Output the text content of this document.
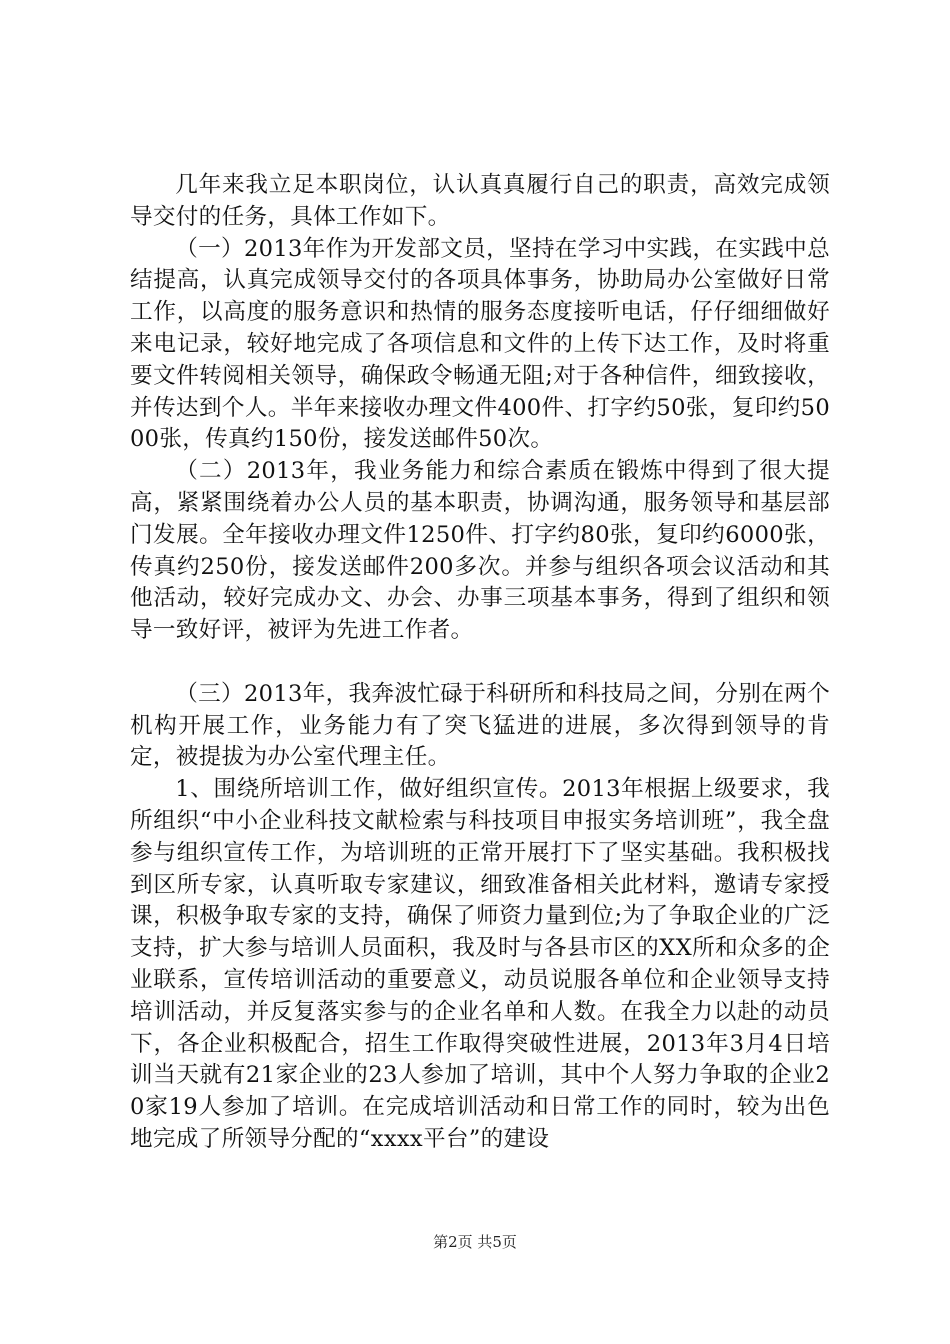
几年来我立足本职岗位，认认真真履行自己的职责，高效完成领导交付的任务，具体工作如下。

（一）2013年作为开发部文员，坚持在学习中实践，在实践中总结提高，认真完成领导交付的各项具体事务，协助局办公室做好日常工作，以高度的服务意识和热情的服务态度接听电话，仔仔细细做好来电记录，较好地完成了各项信息和文件的上传下达工作，及时将重要文件转阅相关领导，确保政令畅通无阻;对于各种信件，细致接收，并传达到个人。半年来接收办理文件400件、打字约50张，复印约5000张，传真约150份，接发送邮件50次。

（二）2013年，我业务能力和综合素质在锻炼中得到了很大提高，紧紧围绕着办公人员的基本职责，协调沟通，服务领导和基层部门发展。全年接收办理文件1250件、打字约80张，复印约6000张，传真约250份，接发送邮件200多次。并参与组织各项会议活动和其他活动，较好完成办文、办会、办事三项基本事务，得到了组织和领导一致好评，被评为先进工作者。

（三）2013年，我奔波忙碌于科研所和科技局之间，分别在两个机构开展工作，业务能力有了突飞猛进的进展，多次得到领导的肯定，被提拔为办公室代理主任。

1、围绕所培训工作，做好组织宣传。2013年根据上级要求，我所组织“中小企业科技文献检索与科技项目申报实务培训班”，我全盘参与组织宣传工作，为培训班的正常开展打下了坚实基础。我积极找到区所专家，认真听取专家建议，细致准备相关此材料，邀请专家授课，积极争取专家的支持，确保了师资力量到位;为了争取企业的广泛支持，扩大参与培训人员面积，我及时与各县市区的XX所和众多的企业联系，宣传培训活动的重要意义，动员说服各单位和企业领导支持培训活动，并反复落实参与的企业名单和人数。在我全力以赴的动员下，各企业积极配合，招生工作取得突破性进展，2013年3月4日培训当天就有21家企业的23人参加了培训，其中个人努力争取的企业20家19人参加了培训。在完成培训活动和日常工作的同时，较为出色地完成了所领导分配的“xxxx平台”的建设

第2页 共5页
